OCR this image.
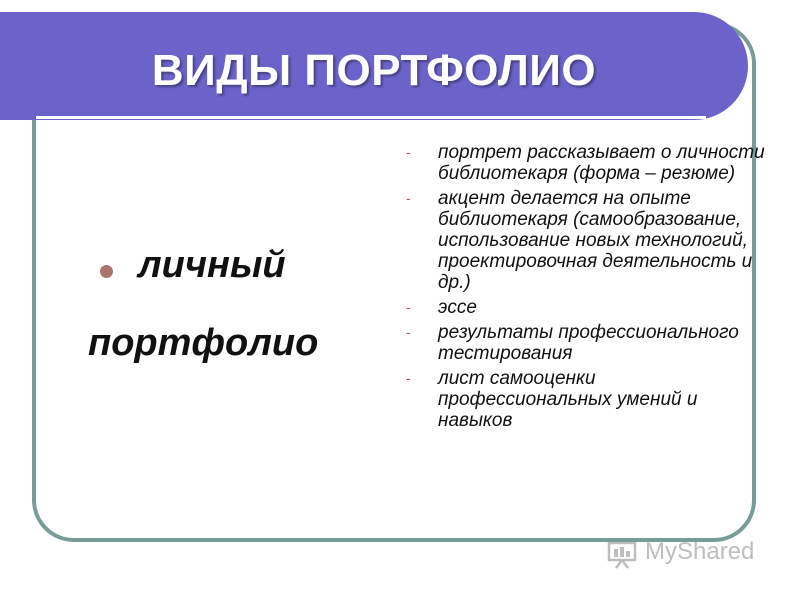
ВИДЫ ПОРТФОЛИО
личный
портфолио
- портрет рассказывает о личности библиотекаря (форма – резюме)
- акцент делается на опыте библиотекаря (самообразование, использование новых технологий, проектировочная деятельность и др.)
- эссе
- результаты профессионального тестирования
- лист самооценки профессиональных умений и навыков
MyShared
